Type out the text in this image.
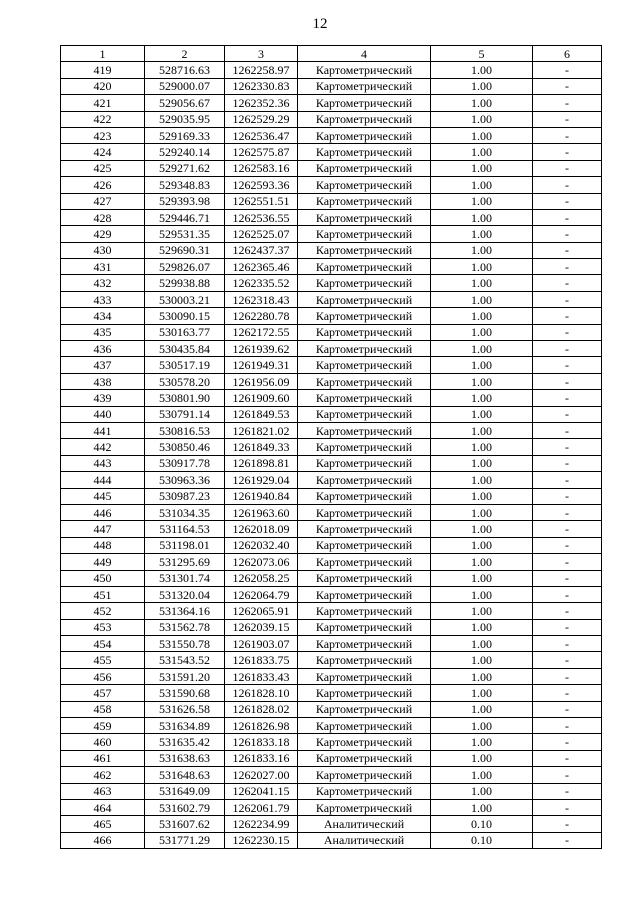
12
1	2	3	4	5	6
419	528716.63	1262258.97	Картометрический	1.00	-
420	529000.07	1262330.83	Картометрический	1.00	-
421	529056.67	1262352.36	Картометрический	1.00	-
422	529035.95	1262529.29	Картометрический	1.00	-
423	529169.33	1262536.47	Картометрический	1.00	-
424	529240.14	1262575.87	Картометрический	1.00	-
425	529271.62	1262583.16	Картометрический	1.00	-
426	529348.83	1262593.36	Картометрический	1.00	-
427	529393.98	1262551.51	Картометрический	1.00	-
428	529446.71	1262536.55	Картометрический	1.00	-
429	529531.35	1262525.07	Картометрический	1.00	-
430	529690.31	1262437.37	Картометрический	1.00	-
431	529826.07	1262365.46	Картометрический	1.00	-
432	529938.88	1262335.52	Картометрический	1.00	-
433	530003.21	1262318.43	Картометрический	1.00	-
434	530090.15	1262280.78	Картометрический	1.00	-
435	530163.77	1262172.55	Картометрический	1.00	-
436	530435.84	1261939.62	Картометрический	1.00	-
437	530517.19	1261949.31	Картометрический	1.00	-
438	530578.20	1261956.09	Картометрический	1.00	-
439	530801.90	1261909.60	Картометрический	1.00	-
440	530791.14	1261849.53	Картометрический	1.00	-
441	530816.53	1261821.02	Картометрический	1.00	-
442	530850.46	1261849.33	Картометрический	1.00	-
443	530917.78	1261898.81	Картометрический	1.00	-
444	530963.36	1261929.04	Картометрический	1.00	-
445	530987.23	1261940.84	Картометрический	1.00	-
446	531034.35	1261963.60	Картометрический	1.00	-
447	531164.53	1262018.09	Картометрический	1.00	-
448	531198.01	1262032.40	Картометрический	1.00	-
449	531295.69	1262073.06	Картометрический	1.00	-
450	531301.74	1262058.25	Картометрический	1.00	-
451	531320.04	1262064.79	Картометрический	1.00	-
452	531364.16	1262065.91	Картометрический	1.00	-
453	531562.78	1262039.15	Картометрический	1.00	-
454	531550.78	1261903.07	Картометрический	1.00	-
455	531543.52	1261833.75	Картометрический	1.00	-
456	531591.20	1261833.43	Картометрический	1.00	-
457	531590.68	1261828.10	Картометрический	1.00	-
458	531626.58	1261828.02	Картометрический	1.00	-
459	531634.89	1261826.98	Картометрический	1.00	-
460	531635.42	1261833.18	Картометрический	1.00	-
461	531638.63	1261833.16	Картометрический	1.00	-
462	531648.63	1262027.00	Картометрический	1.00	-
463	531649.09	1262041.15	Картометрический	1.00	-
464	531602.79	1262061.79	Картометрический	1.00	-
465	531607.62	1262234.99	Аналитический	0.10	-
466	531771.29	1262230.15	Аналитический	0.10	-
